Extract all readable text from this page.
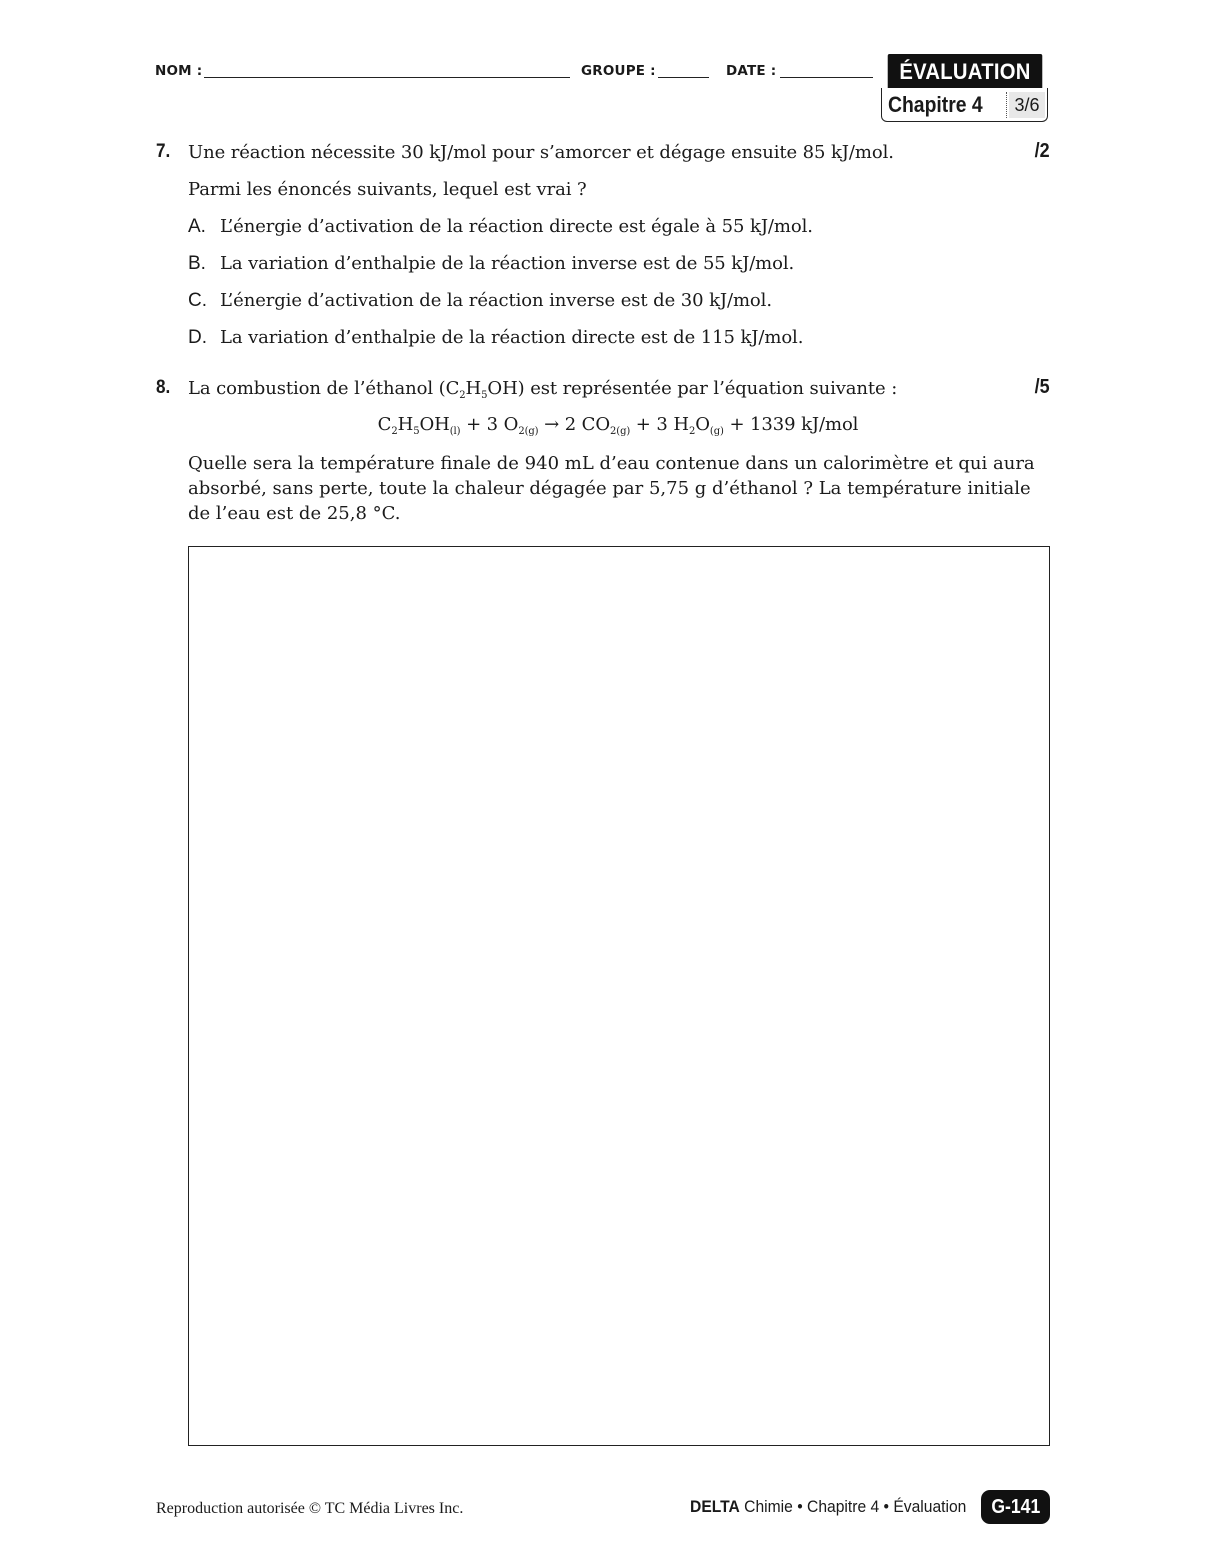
NOM :	GROUPE :	DATE :	ÉVALUATION
Chapitre 4	3/6
7. Une réaction nécessite 30 kJ/mol pour s’amorcer et dégage ensuite 85 kJ/mol.	/2
Parmi les énoncés suivants, lequel est vrai ?
A. L’énergie d’activation de la réaction directe est égale à 55 kJ/mol.
B. La variation d’enthalpie de la réaction inverse est de 55 kJ/mol.
C. L’énergie d’activation de la réaction inverse est de 30 kJ/mol.
D. La variation d’enthalpie de la réaction directe est de 115 kJ/mol.
8. La combustion de l’éthanol $(C_2H_5OH)$ est représentée par l’équation suivante :	/5
$C_2H_5OH_{(l)} + 3$ $O_{2(g)} \to 2$ $CO_{2(g)} + 3$ $H_2O_{(g)} + 1339$ kJ/mol
Quelle sera la température finale de 940 mL d’eau contenue dans un calorimètre et qui aura absorbé, sans perte, toute la chaleur dégagée par 5,75 g d’éthanol ? La température initiale de l’eau est de 25,8 °C.
Reproduction autorisée © TC Média Livres Inc.	DELTA Chimie • Chapitre 4 • Évaluation	G-141
